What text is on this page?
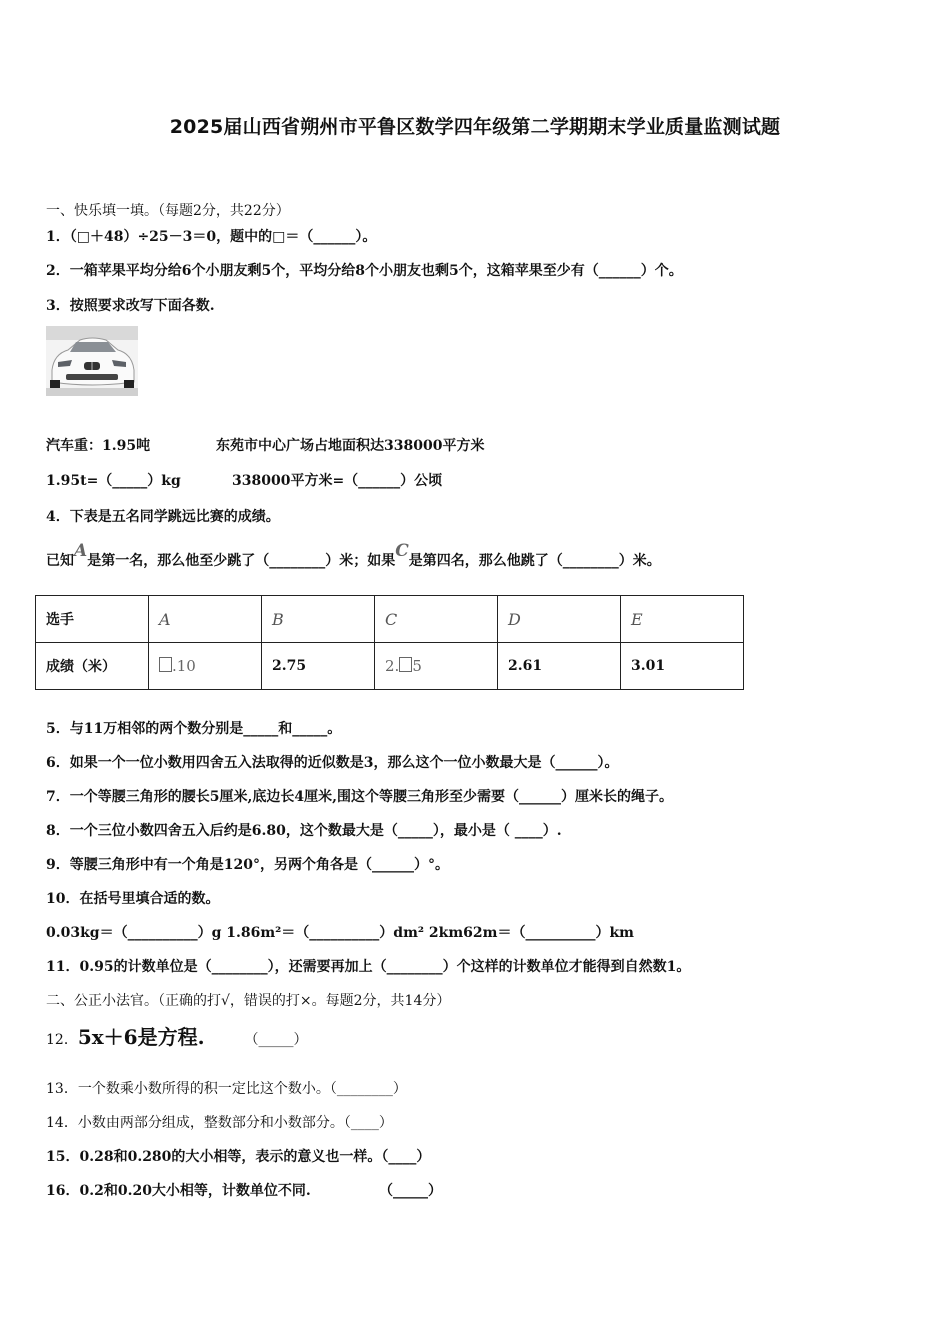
2025届山西省朔州市平鲁区数学四年级第二学期期末学业质量监测试题
一、快乐填一填。（每题2分，共22分）
1．（□＋48）÷25－3＝0，题中的□＝（______）。
2．一箱苹果平均分给6个小朋友剩5个，平均分给8个小朋友也剩5个，这箱苹果至少有（______）个。
3．按照要求改写下面各数.
汽车重：1.95吨	东苑市中心广场占地面积达338000平方米
1.95t=（_____）kg	338000平方米=（______）公顷
4．下表是五名同学跳远比赛的成绩。
已知A是第一名，那么他至少跳了（________）米；如果C是第四名，那么他跳了（________）米。
选手	A	B	C	D	E
成绩（米）	.10	2.75	2. 5	2.61	3.01
5．与11万相邻的两个数分别是_____和_____。
6．如果一个一位小数用四舍五入法取得的近似数是3，那么这个一位小数最大是（______）。
7．一个等腰三角形的腰长5厘米,底边长4厘米,围这个等腰三角形至少需要（______）厘米长的绳子。
8．一个三位小数四舍五入后约是6.80，这个数最大是（_____），最小是（ ____）.
9．等腰三角形中有一个角是120°，另两个角各是（______）°。
10．在括号里填合适的数。
0.03kg＝（__________）g 1.86m²＝（__________）dm² 2km62m＝（__________）km
11．0.95的计数单位是（________），还需要再加上（________）个这样的计数单位才能得到自然数1。
二、公正小法官。（正确的打√，错误的打×。每题2分，共14分）
12．5x＋6是方程.	（_____）
13．一个数乘小数所得的积一定比这个数小。（________）
14．小数由两部分组成，整数部分和小数部分。（____）
15．0.28和0.280的大小相等，表示的意义也一样。（____）
16．0.2和0.20大小相等，计数单位不同.              （_____）
